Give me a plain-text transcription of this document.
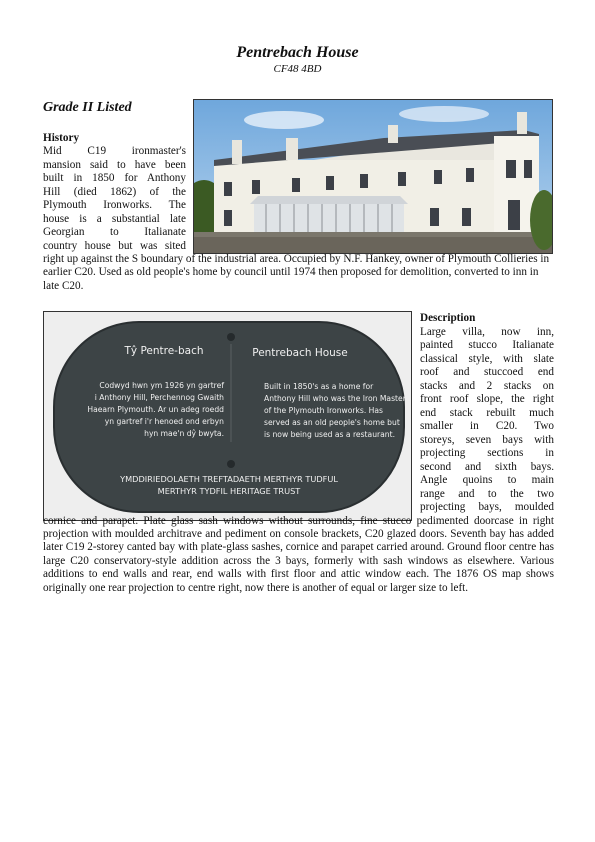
Pentrebach House
CF48 4BD
Grade II Listed
History
Mid C19 ironmaster's
mansion said to have been
built in 1850 for Anthony
Hill (died 1862) of the
Plymouth Ironworks. The
house is a substantial late
Georgian to Italianate
country house but was sited
right up against the S boundary of the industrial area. Occupied by N.F. Hankey, owner of Plymouth Collieries in earlier C20. Used as old people's home by council until 1974 then proposed for demolition, converted to inn in late C20.
Tŷ Pentre-bach	Pentrebach House
Codwyd hwn ym 1926 yn gartref
i Anthony Hill, Perchennog Gwaith
Haearn Plymouth. Ar un adeg roedd
yn gartref i'r henoed ond erbyn
hyn mae'n dŷ bwyta.
Built in 1850's as a home for
Anthony Hill who was the Iron Master
of the Plymouth Ironworks. Has
served as an old people's home but
is now being used as a restaurant.
YMDDIRIEDOLAETH TREFTADAETH MERTHYR TUDFUL
MERTHYR TYDFIL HERITAGE TRUST
Description
Large villa, now inn,
painted stucco Italianate
classical style, with slate
roof and stuccoed end
stacks and 2 stacks on
front roof slope, the right
end stack rebuilt much
smaller in C20. Two
storeys, seven bays with
projecting sections in
second and sixth bays.
Angle quoins to main
range and to the two
projecting bays, moulded
cornice and parapet. Plate glass sash windows without surrounds, fine stucco pedimented doorcase in right projection with moulded architrave and pediment on console brackets, C20 glazed doors. Seventh bay has added later C19 2-storey canted bay with plate-glass sashes, cornice and parapet carried around. Ground floor centre has large C20 conservatory-style addition across the 3 bays, formerly with sash windows as elsewhere. Various additions to end walls and rear, end walls with first floor and attic window each. The 1876 OS map shows originally one rear projection to centre right, now there is another of equal or larger size to left.
